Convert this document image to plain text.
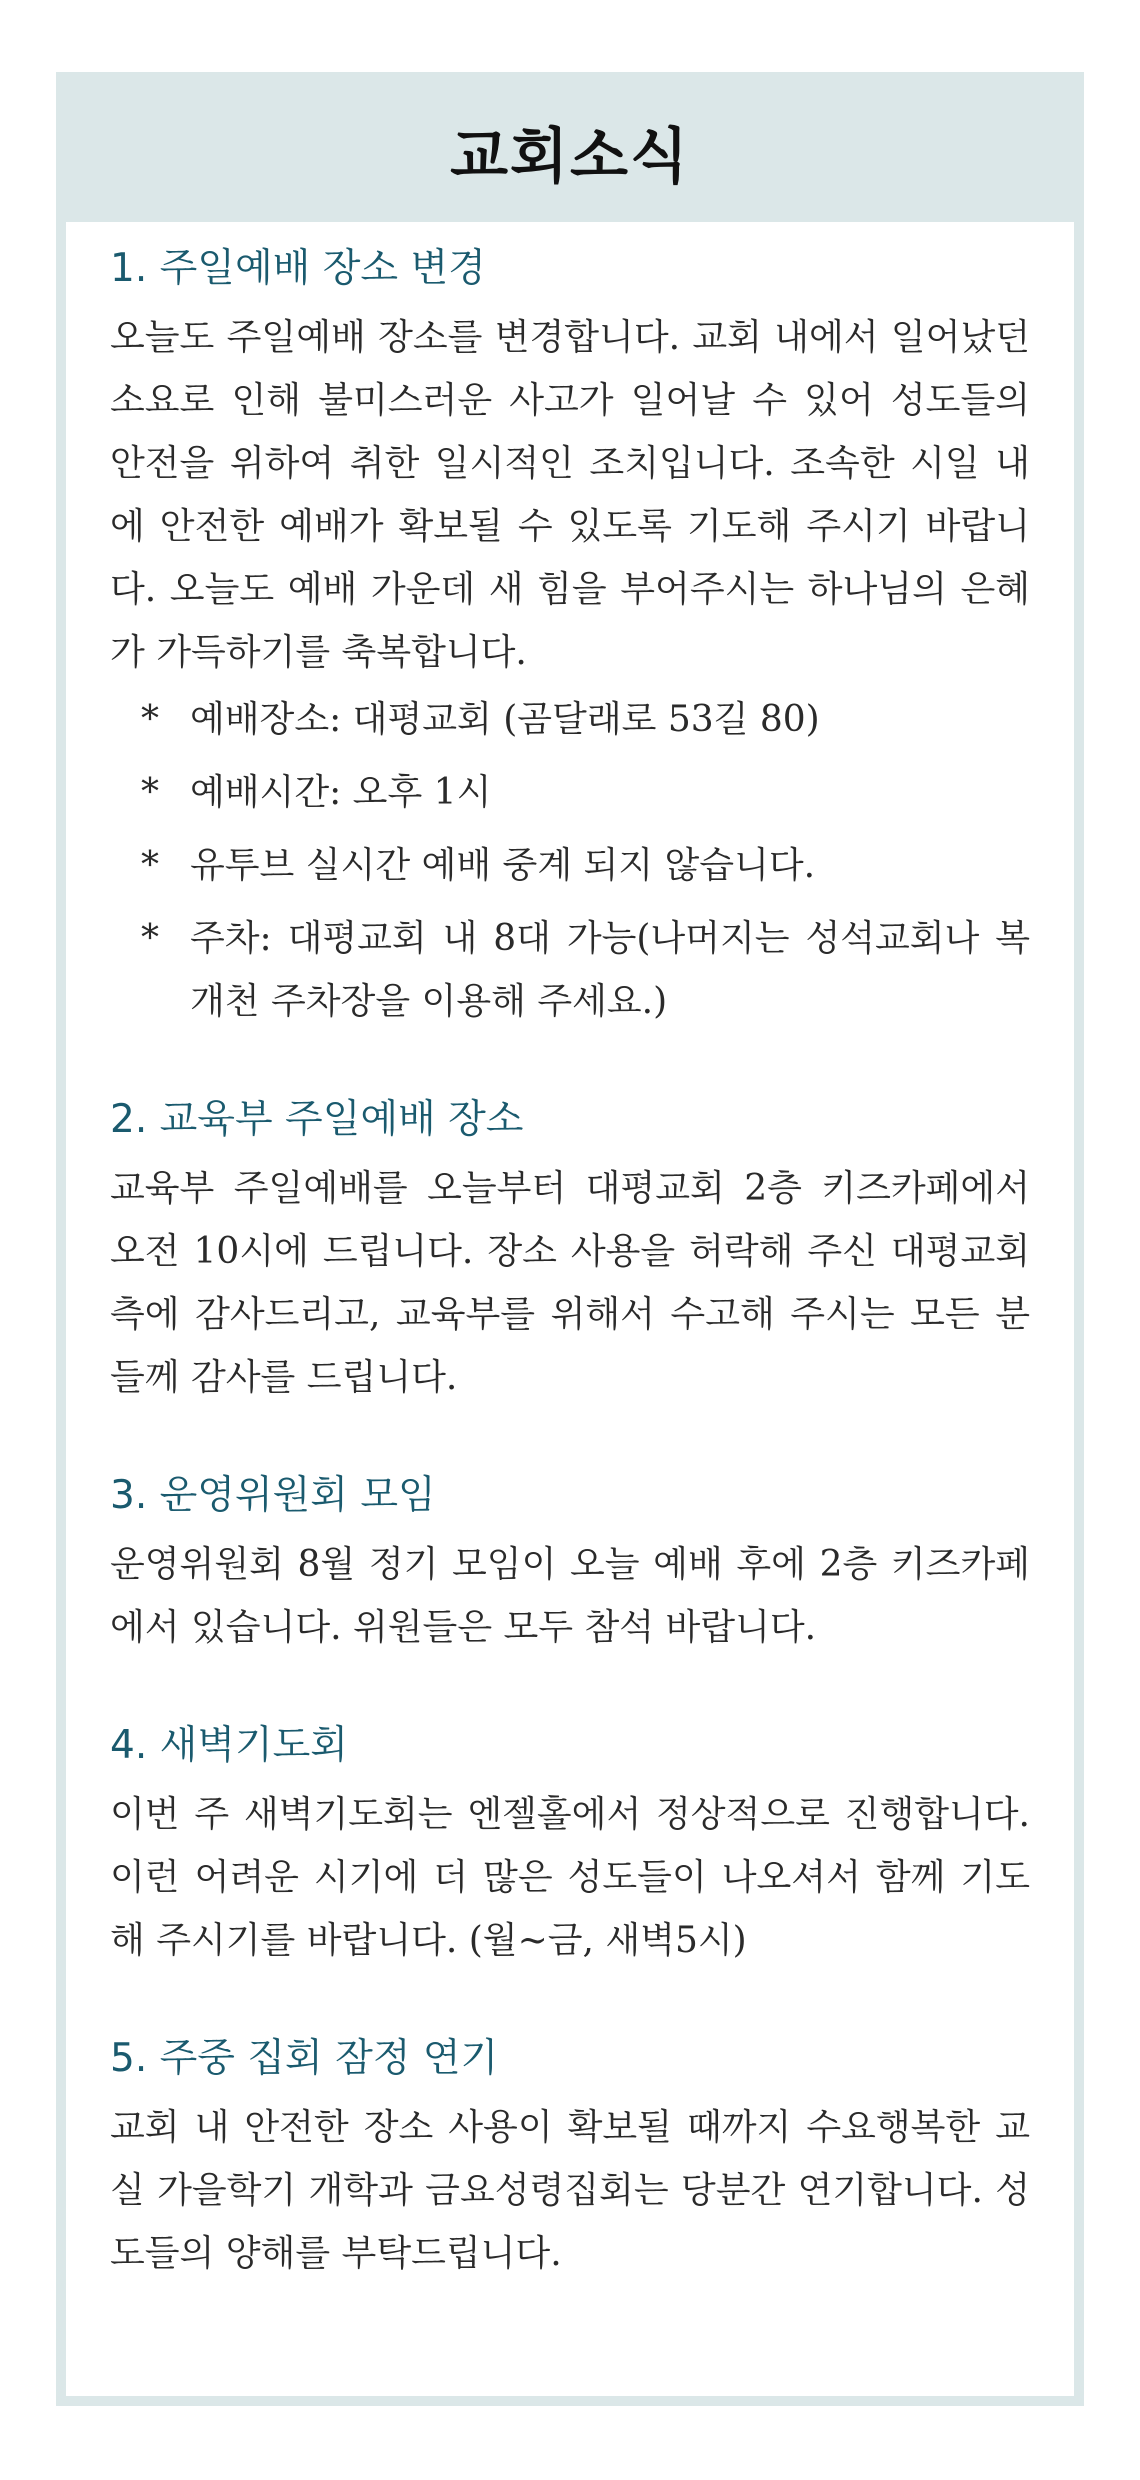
교회소식
1. 주일예배 장소 변경

오늘도 주일예배 장소를 변경합니다. 교회 내에서 일어났던 소요로 인해 불미스러운 사고가 일어날 수 있어 성도들의 안전을 위하여 취한 일시적인 조치입니다. 조속한 시일 내에 안전한 예배가 확보될 수 있도록 기도해 주시기 바랍니다. 오늘도 예배 가운데 새 힘을 부어주시는 하나님의 은혜가 가득하기를 축복합니다.

* 예배장소: 대평교회 (곰달래로 53길 80)
* 예배시간: 오후 1시
* 유투브 실시간 예배 중계 되지 않습니다.
* 주차: 대평교회 내 8대 가능(나머지는 성석교회나 복개천 주차장을 이용해 주세요.)
2. 교육부 주일예배 장소

교육부 주일예배를 오늘부터 대평교회 2층 키즈카페에서 오전 10시에 드립니다. 장소 사용을 허락해 주신 대평교회 측에 감사드리고, 교육부를 위해서 수고해 주시는 모든 분들께 감사를 드립니다.

3. 운영위원회 모임

운영위원회 8월 정기 모임이 오늘 예배 후에 2층 키즈카페에서 있습니다. 위원들은 모두 참석 바랍니다.

4. 새벽기도회

이번 주 새벽기도회는 엔젤홀에서 정상적으로 진행합니다. 이런 어려운 시기에 더 많은 성도들이 나오셔서 함께 기도해 주시기를 바랍니다. (월~금, 새벽5시)

5. 주중 집회 잠정 연기

교회 내 안전한 장소 사용이 확보될 때까지 수요행복한 교실 가을학기 개학과 금요성령집회는 당분간 연기합니다. 성도들의 양해를 부탁드립니다.
